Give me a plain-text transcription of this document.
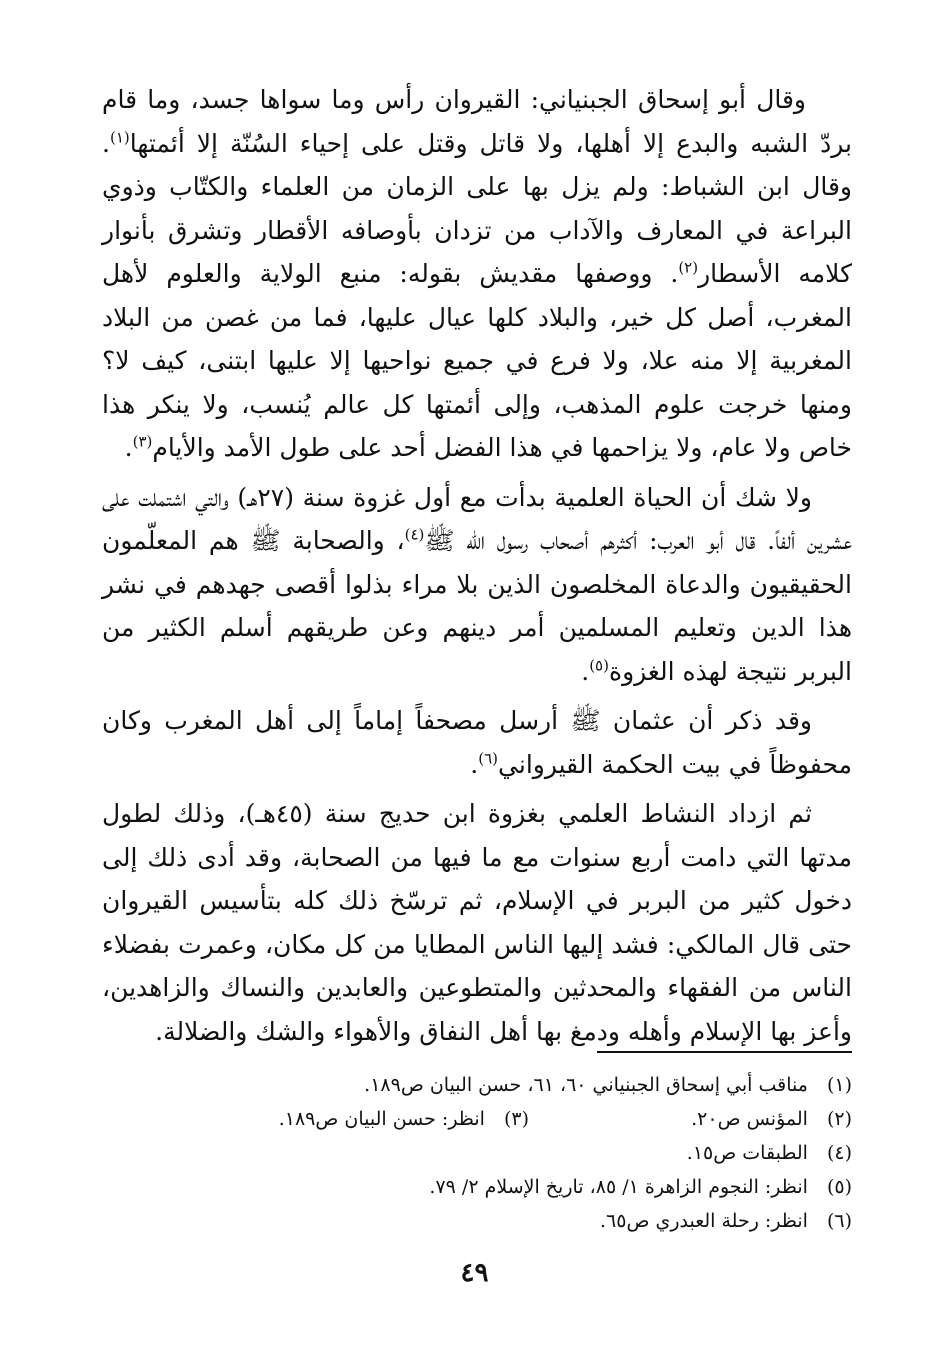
وقال أبو إسحاق الجبنياني: القيروان رأس وما سواها جسد، وما قام بردّ الشبه والبدع إلا أهلها، ولا قاتل وقتل على إحياء السُنّة إلا أئمتها$^{(١)}$. وقال ابن الشباط: ولم يزل بها على الزمان من العلماء والكتّاب وذوي البراعة في المعارف والآداب من تزدان بأوصافه الأقطار وتشرق بأنوار كلامه الأسطار$^{(٢)}$. ووصفها مقديش بقوله: منبع الولاية والعلوم لأهل المغرب، أصل كل خير، والبلاد كلها عيال عليها، فما من غصن من البلاد المغربية إلا منه علا، ولا فرع في جميع نواحيها إلا عليها ابتنى، كيف لا؟ ومنها خرجت علوم المذهب، وإلى أئمتها كل عالم يُنسب، ولا ينكر هذا خاص ولا عام، ولا يزاحمها في هذا الفضل أحد على طول الأمد والأيام$^{(٣)}$.

ولا شك أن الحياة العلمية بدأت مع أول غزوة سنة (٢٧هـ) والتي اشتملت على عشرين ألفاً. قال أبو العرب: أكثرهم أصحاب رسول الله ﷺ$^{(٤)}$، والصحابة ﷺ هم المعلّمون الحقيقيون والدعاة المخلصون الذين بلا مراء بذلوا أقصى جهدهم في نشر هذا الدين وتعليم المسلمين أمر دينهم وعن طريقهم أسلم الكثير من البربر نتيجة لهذه الغزوة$^{(٥)}$.

وقد ذكر أن عثمان ﷺ أرسل مصحفاً إماماً إلى أهل المغرب وكان محفوظاً في بيت الحكمة القيرواني$^{(٦)}$.

ثم ازداد النشاط العلمي بغزوة ابن حديج سنة (٤٥هـ)، وذلك لطول مدتها التي دامت أربع سنوات مع ما فيها من الصحابة، وقد أدى ذلك إلى دخول كثير من البربر في الإسلام، ثم ترسّخ ذلك كله بتأسيس القيروان حتى قال المالكي: فشد إليها الناس المطايا من كل مكان، وعمرت بفضلاء الناس من الفقهاء والمحدثين والمتطوعين والعابدين والنساك والزاهدين، وأعز بها الإسلام وأهله ودمغ بها أهل النفاق والأهواء والشك والضلالة.

(١) مناقب أبي إسحاق الجبنياني ٦٠، ٦١، حسن البيان ص١٨٩.
(٢) المؤنس ص٢٠.  (٣) انظر: حسن البيان ص١٨٩.
(٤) الطبقات ص١٥.
(٥) انظر: النجوم الزاهرة ١/ ٨٥، تاريخ الإسلام ٢/ ٧٩.
(٦) انظر: رحلة العبدري ص٦٥.
٤٩
